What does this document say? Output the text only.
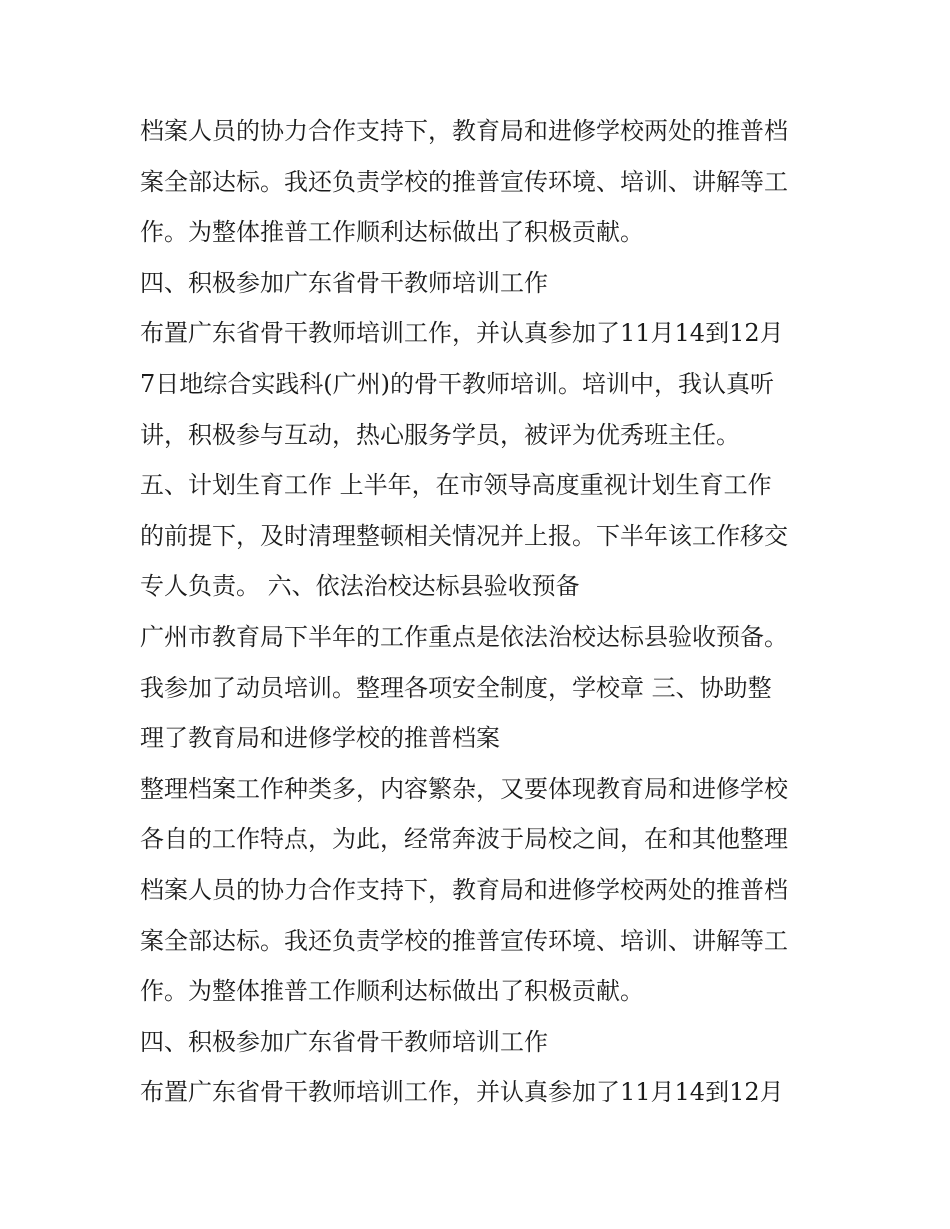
档案人员的协力合作支持下，教育局和进修学校两处的推普档
案全部达标。我还负责学校的推普宣传环境、培训、讲解等工
作。为整体推普工作顺利达标做出了积极贡献。
四、积极参加广东省骨干教师培训工作
布置广东省骨干教师培训工作，并认真参加了11月14到12月
7日地综合实践科(广州)的骨干教师培训。培训中，我认真听
讲，积极参与互动，热心服务学员，被评为优秀班主任。
五、计划生育工作 上半年，在市领导高度重视计划生育工作
的前提下，及时清理整顿相关情况并上报。下半年该工作移交
专人负责。 六、依法治校达标县验收预备
广州市教育局下半年的工作重点是依法治校达标县验收预备。
我参加了动员培训。整理各项安全制度，学校章 三、协助整
理了教育局和进修学校的推普档案
整理档案工作种类多，内容繁杂，又要体现教育局和进修学校
各自的工作特点，为此，经常奔波于局校之间，在和其他整理
档案人员的协力合作支持下，教育局和进修学校两处的推普档
案全部达标。我还负责学校的推普宣传环境、培训、讲解等工
作。为整体推普工作顺利达标做出了积极贡献。
四、积极参加广东省骨干教师培训工作
布置广东省骨干教师培训工作，并认真参加了11月14到12月
